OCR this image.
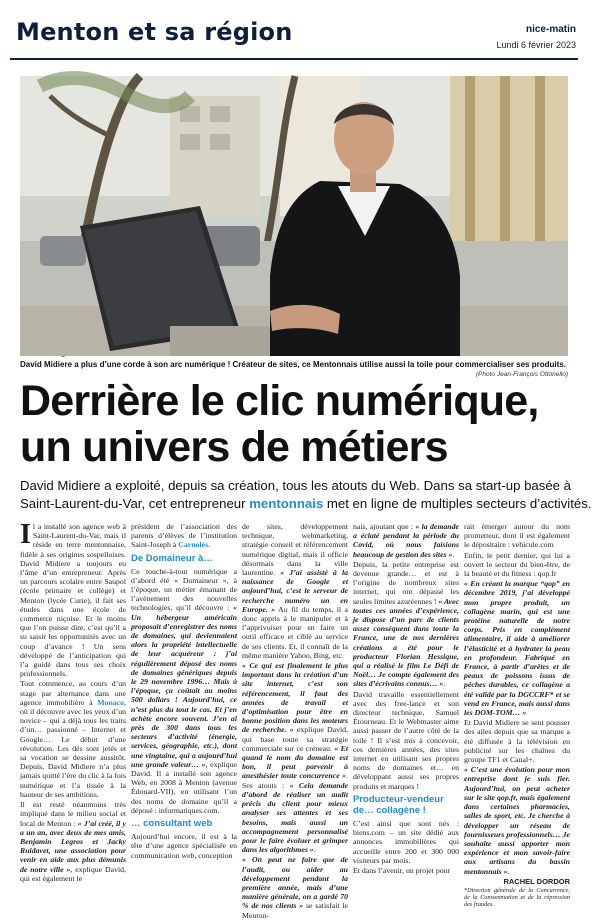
Menton et sa région	nice-matin
Lundi 6 février 2023
David Midiere a plus d’une corde à son arc numérique ! Créateur de sites, ce Mentonnais utilise aussi la toile pour commercialiser ses produits.
(Photo Jean-François Ottonello)
Derrière le clic numérique,
un univers de métiers
David Midiere a exploité, depuis sa création, tous les atouts du Web. Dans sa start-up basée à
Saint-Laurent-du-Var, cet entrepreneur mentonnais met en ligne de multiples secteurs d’activités.

Il a installé son agence web à Saint-Laurent-du-Var, mais il réside en terre mentonnaise, fidèle à ses origines sospelloises. David Midiere a toujours eu l’âme d’un entrepreneur. Après un parcours scolaire entre Saupol (école primaire et collège) et Menton (lycée Curie), il fait ses études dans une école de commerce niçoise. Et le moins que l’on puisse dire, c’est qu’il a su saisir les opportunités avec un coup d’avance ! Un sens développé de l’anticipation qui l’a guidé dans tous ses choix professionnels.

Tout commence, au cours d’un stage par alternance dans une agence immobilière à Monaco, où il découvre avec les yeux d’un novice – qui a déjà tous les traits d’un… passionné – Internet et Google… Le début d’une révolution. Les dés sont jetés et sa vocation se dessine aussitôt. Depuis, David Midiere n’a plus jamais quitté l’ère du clic à la fois numérique et l’a tissée à la hauteur de ses ambitions.

Il est resté néanmoins très impliqué dans le milieu social et local de Menton : « J’ai créé, il y a un an, avec deux de mes amis, Benjamin Legros et Jacky Ruidavet, une association pour venir en aide aux plus démunis de notre ville », explique David, qui est également le

président de l’association des parents d’élèves de l’institution Saint-Joseph à Carnolès.

De Domaineur à…

Ce touche-à-tout numérique a d’abord été « Domaineur », à l’époque, un métier émanant de l’avènement des nouvelles technologies, qu’il découvre : « Un hébergeur américain proposait d’enregistrer des noms de domaines, qui deviennaient alors la propriété intellectuelle de leur acquéreur : j’ai régulièrement déposé des noms de domaines génériques depuis le 29 novembre 1996… Mais à l’époque, ça coûtait au moins 500 dollars ! Aujourd’hui, ce n’est plus du tout le cas. Et j’en achète encore souvent. J’en ai près de 300 dans tous les secteurs d’activité (énergie, services, géographie, etc.), dont une vingtaine, qui a aujourd’hui une grande valeur… », explique David. Il a installé son agence Web, en 2008 à Menton (avenue Édouard-VII), en utilisant l’un des noms de domaine qu’il a déposé : informatiques.com.

… consultant web

Aujourd’hui encore, il est à la tête d’une agence spécialisée en communication web, conception

de sites, développement technique, webmarketing, stratégie conseil et référencement numérique digital, mais il officie désormais dans la ville laurentine. « J’ai assisté à la naissance de Google et aujourd’hui, c’est le serveur de recherche numéro un en Europe. » Au fil du temps, il a donc appris à le manipuler et à l’apprivoiser pour en faire un outil efficace et ciblé au service de ses clients. Et, il connaît de la même manière Yahoo, Bing, etc.

« Ce qui est finalement le plus important dans la création d’un site internet, c’est son référencement, il faut des années de travail et d’optimisation pour être en bonne position dans les moteurs de recherche. » explique David, qui base toute sa stratégie commerciale sur ce créneau. « Et quand le nom du domaine est bon, il peut parvenir à anesthésier toute concurrence ». Ses atouts : « Cela demande d’abord de réaliser un audit précis du client pour mieux analyser ses attentes et ses besoins, mais aussi un accompagnement personnalisé pour le faire évoluer et grimper dans les algorithmes ».

« On peut ne faire que de l’audit, ou aider au développement pendant la première année, mais d’une manière générale, on a gardé 70 % de nos clients » se satisfait le Menton-

nais, ajoutant que : « la demande a éclaté pendant la période du Covid, où nous faisions beaucoup de gestion des sites ».

Depuis, la petite entreprise est devenue grande… et est à l’origine de nombreux sites internet, qui ont dépassé les seules limites azuréennes ! « Avec toutes ces années d’expérience, je dispose d’un parc de clients assez conséquent dans toute la France, une de nos dernières créations a été pour le producteur Florian Hessique, qui a réalisé le film Le Défi de Noël… Je compte également des sites d’écrivains connus… ».

David travaille essentiellement avec des free-lance et son directeur technique, Samuel Étourneau. Et le Webmaster aime aussi passer de l’autre côté de la toile ! Il s’est mis à concevoir, ces dernières années, des sites internet en utilisant ses propres noms de domaines et… en développant aussi ses propres produits et marques !

Producteur-vendeur de… collagène !

C’est ainsi que sont nés : biens.com – un site dédié aux annonces immobilières qui accueille entre 200 et 300 000 visiteurs par mois.

Et dans l’avenir, un projet pour

rait émerger autour du nom prometteur, dont il est également le dépositaire : vehicule.com

Enfin, le petit dernier, qui lui a ouvert le secteur du bien-être, de la beauté et du fitness : qop.fr

« En créant la marque “qop” en décembre 2019, j’ai développé mon propre produit, un collagène marin, qui est une protéine naturelle de notre corps. Pris en complément alimentaire, il aide à améliorer l’élasticité et à hydrater la peau en profondeur. Fabriqué en France, à partir d’arêtes et de peaux de poissons issus de pêches durables, ce collagène a été validé par la DGCCRF* et se vend en France, mais aussi dans les DOM-TOM… »

Et David Midiere se sent pousser des ailes depuis que sa marque a été diffusée à la télévision en publicité sur les chaînes du groupe TF1 et Canal+.

« C’est une évolution pour mon entreprise dont je suis fier. Aujourd’hui, on peut acheter sur le site qop.fr, mais également dans certaines pharmacies, salles de sport, etc. Je cherche à développer un réseau de fournisseurs professionnels… Je souhaite aussi apporter mon expérience et mon savoir-faire aux artisans du bassin mentonnais ».

RACHEL DORDOR
*Direction générale de la Concurrence, de la Consommation et de la répression des fraudes.
